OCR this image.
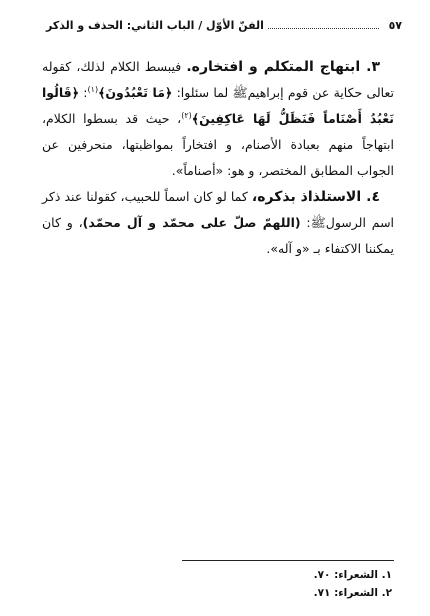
٥٧
الفنّ الأوّل / الباب الثاني: الحذف و الذكر

٣. ابتهاج المتكلم و افتخاره. فيبسط الكلام لذلك، كقوله تعالى حكاية عن قوم إبراهيمﷺ لما سئلوا: ﴿مَا تَعْبُدُونَ﴾$^{(١)}$: ﴿قَالُوا نَعْبُدُ أَصْنَاماً فَنَظَلُّ لَهَا عَاكِفِينَ﴾$^{(٢)}$، حيث قد بسطوا الكلام، ابتهاجاً منهم بعبادة الأصنام، و افتخاراً بمواظبتها، منحرفين عن الجواب المطابق المختصر، و هو: «أصناماً».

٤. الاستلذاذ بذكره، كما لو كان اسماً للحبيب، كقولنا عند ذكر اسم الرسولﷺ: (اللهمّ صلّ على محمّد و آل محمّد)، و كان يمكننا الاكتفاء بـ «و آله».

١. الشعراء: ٧٠.
٢. الشعراء: ٧١.
